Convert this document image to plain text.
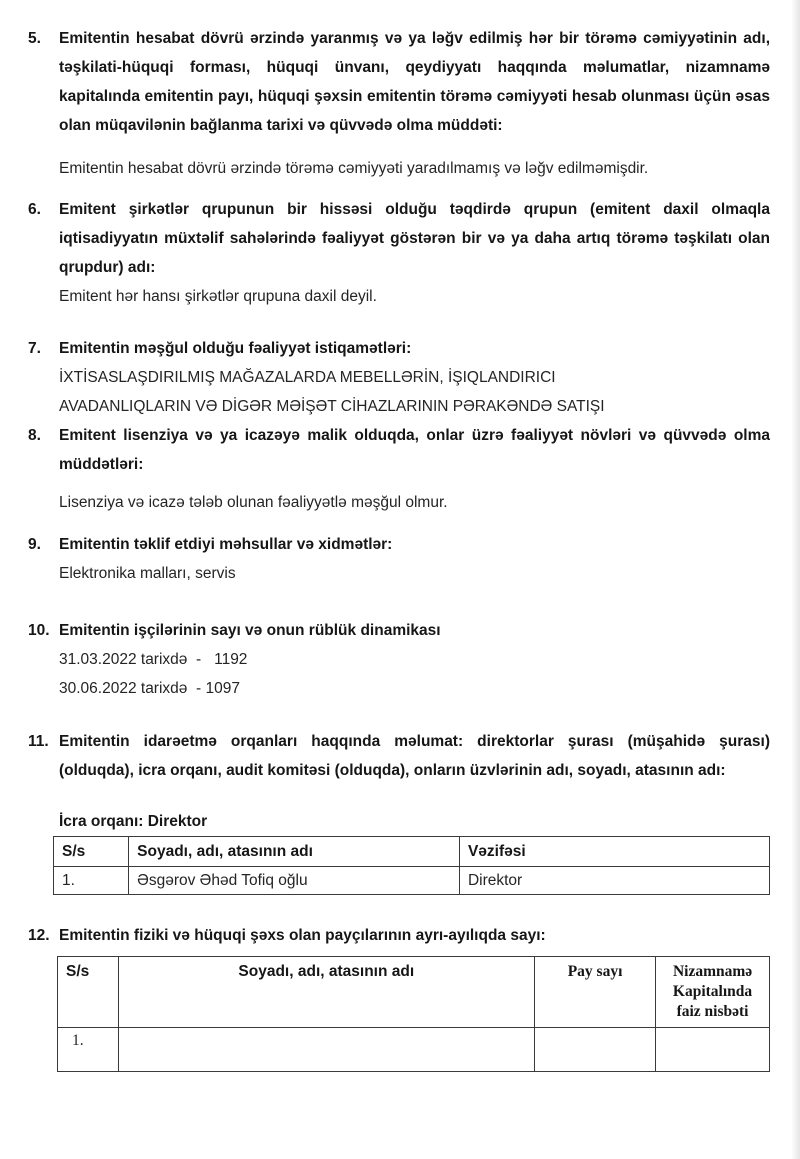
5.	Emitentin hesabat dövrü ərzində yaranmış və ya ləğv edilmiş hər bir törəmə cəmiyyətinin adı, təşkilati-hüquqi forması, hüquqi ünvanı, qeydiyyatı haqqında məlumatlar, nizamnamə kapitalında emitentin payı, hüquqi şəxsin emitentin törəmə cəmiyyəti hesab olunması üçün əsas olan müqavilənin bağlanma tarixi və qüvvədə olma müddəti:

Emitentin hesabat dövrü ərzində törəmə cəmiyyəti yaradılmamış və ləğv edilməmişdir.

6.	Emitent şirkətlər qrupunun bir hissəsi olduğu təqdirdə qrupun (emitent daxil olmaqla iqtisadiyyatın müxtəlif sahələrində fəaliyyət göstərən bir və ya daha artıq törəmə təşkilatı olan qrupdur) adı:

Emitent hər hansı şirkətlər qrupuna daxil deyil.

7.	Emitentin məşğul olduğu fəaliyyət istiqamətləri:

İXTİSASLAŞDIRILMIŞ MAĞAZALARDA MEBELLƏRİN, İŞIQLANDIRICI

AVADANLIQLARIN VƏ DİGƏR MƏİŞƏT CİHAZLARININ PƏRAKƏNDƏ SATIŞI

8.	Emitent lisenziya və ya icazəyə malik olduqda, onlar üzrə fəaliyyət növləri və qüvvədə olma müddətləri:

Lisenziya və icazə tələb olunan fəaliyyətlə məşğul olmur.

9.	Emitentin təklif etdiyi məhsullar və xidmətlər:

Elektronika malları, servis

10. Emitentin işçilərinin sayı və onun rüblük dinamikası

31.03.2022 tarixdə  -   1192

30.06.2022 tarixdə  - 1097

11. Emitentin idarəetmə orqanları haqqında məlumat: direktorlar şurası (müşahidə şurası) (olduqda), icra orqanı, audit komitəsi (olduqda), onların üzvlərinin adı, soyadı, atasının adı:

İcra orqanı: Direktor

S/s	Soyadı, adı, atasının adı	Vəzifəsi
1.	Əsgərov Əhəd Tofiq oğlu	Direktor
12. Emitentin fiziki və hüquqi şəxs olan payçılarının ayrı-ayılıqda sayı:

S/s	Soyadı, adı, atasının adı	Pay sayı	Nizamnamə Kapitalında faiz nisbəti
1.			
